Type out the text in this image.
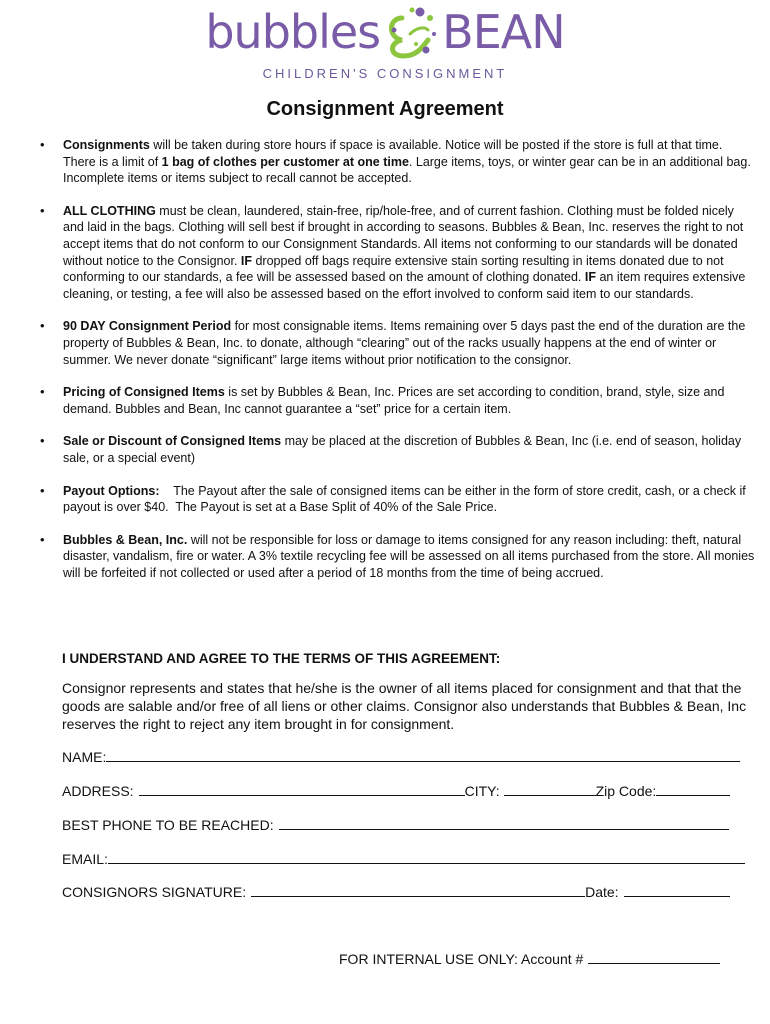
bubbles BEAN
CHILDREN'S CONSIGNMENT
Consignment Agreement
• Consignments will be taken during store hours if space is available. Notice will be posted if the store is full at that time. There is a limit of 1 bag of clothes per customer at one time. Large items, toys, or winter gear can be in an additional bag. Incomplete items or items subject to recall cannot be accepted.
• ALL CLOTHING must be clean, laundered, stain-free, rip/hole-free, and of current fashion. Clothing must be folded nicely and laid in the bags. Clothing will sell best if brought in according to seasons. Bubbles & Bean, Inc. reserves the right to not accept items that do not conform to our Consignment Standards. All items not conforming to our standards will be donated without notice to the Consignor. IF dropped off bags require extensive stain sorting resulting in items donated due to not conforming to our standards, a fee will be assessed based on the amount of clothing donated. IF an item requires extensive cleaning, or testing, a fee will also be assessed based on the effort involved to conform said item to our standards.
• 90 DAY Consignment Period for most consignable items. Items remaining over 5 days past the end of the duration are the property of Bubbles & Bean, Inc. to donate, although “clearing” out of the racks usually happens at the end of winter or summer. We never donate “significant” large items without prior notification to the consignor.
• Pricing of Consigned Items is set by Bubbles & Bean, Inc. Prices are set according to condition, brand, style, size and demand. Bubbles and Bean, Inc cannot guarantee a “set” price for a certain item.
• Sale or Discount of Consigned Items may be placed at the discretion of Bubbles & Bean, Inc (i.e. end of season, holiday sale, or a special event)
• Payout Options:    The Payout after the sale of consigned items can be either in the form of store credit, cash, or a check if payout is over $40.  The Payout is set at a Base Split of 40% of the Sale Price.
• Bubbles & Bean, Inc. will not be responsible for loss or damage to items consigned for any reason including: theft, natural disaster, vandalism, fire or water. A 3% textile recycling fee will be assessed on all items purchased from the store. All monies will be forfeited if not collected or used after a period of 18 months from the time of being accrued.
I UNDERSTAND AND AGREE TO THE TERMS OF THIS AGREEMENT:
Consignor represents and states that he/she is the owner of all items placed for consignment and that that the goods are salable and/or free of all liens or other claims. Consignor also understands that Bubbles & Bean, Inc reserves the right to reject any item brought in for consignment.
NAME:
ADDRESS:	CITY:	Zip Code:
BEST PHONE TO BE REACHED:
EMAIL:
CONSIGNORS SIGNATURE:	Date:
FOR INTERNAL USE ONLY: Account #
